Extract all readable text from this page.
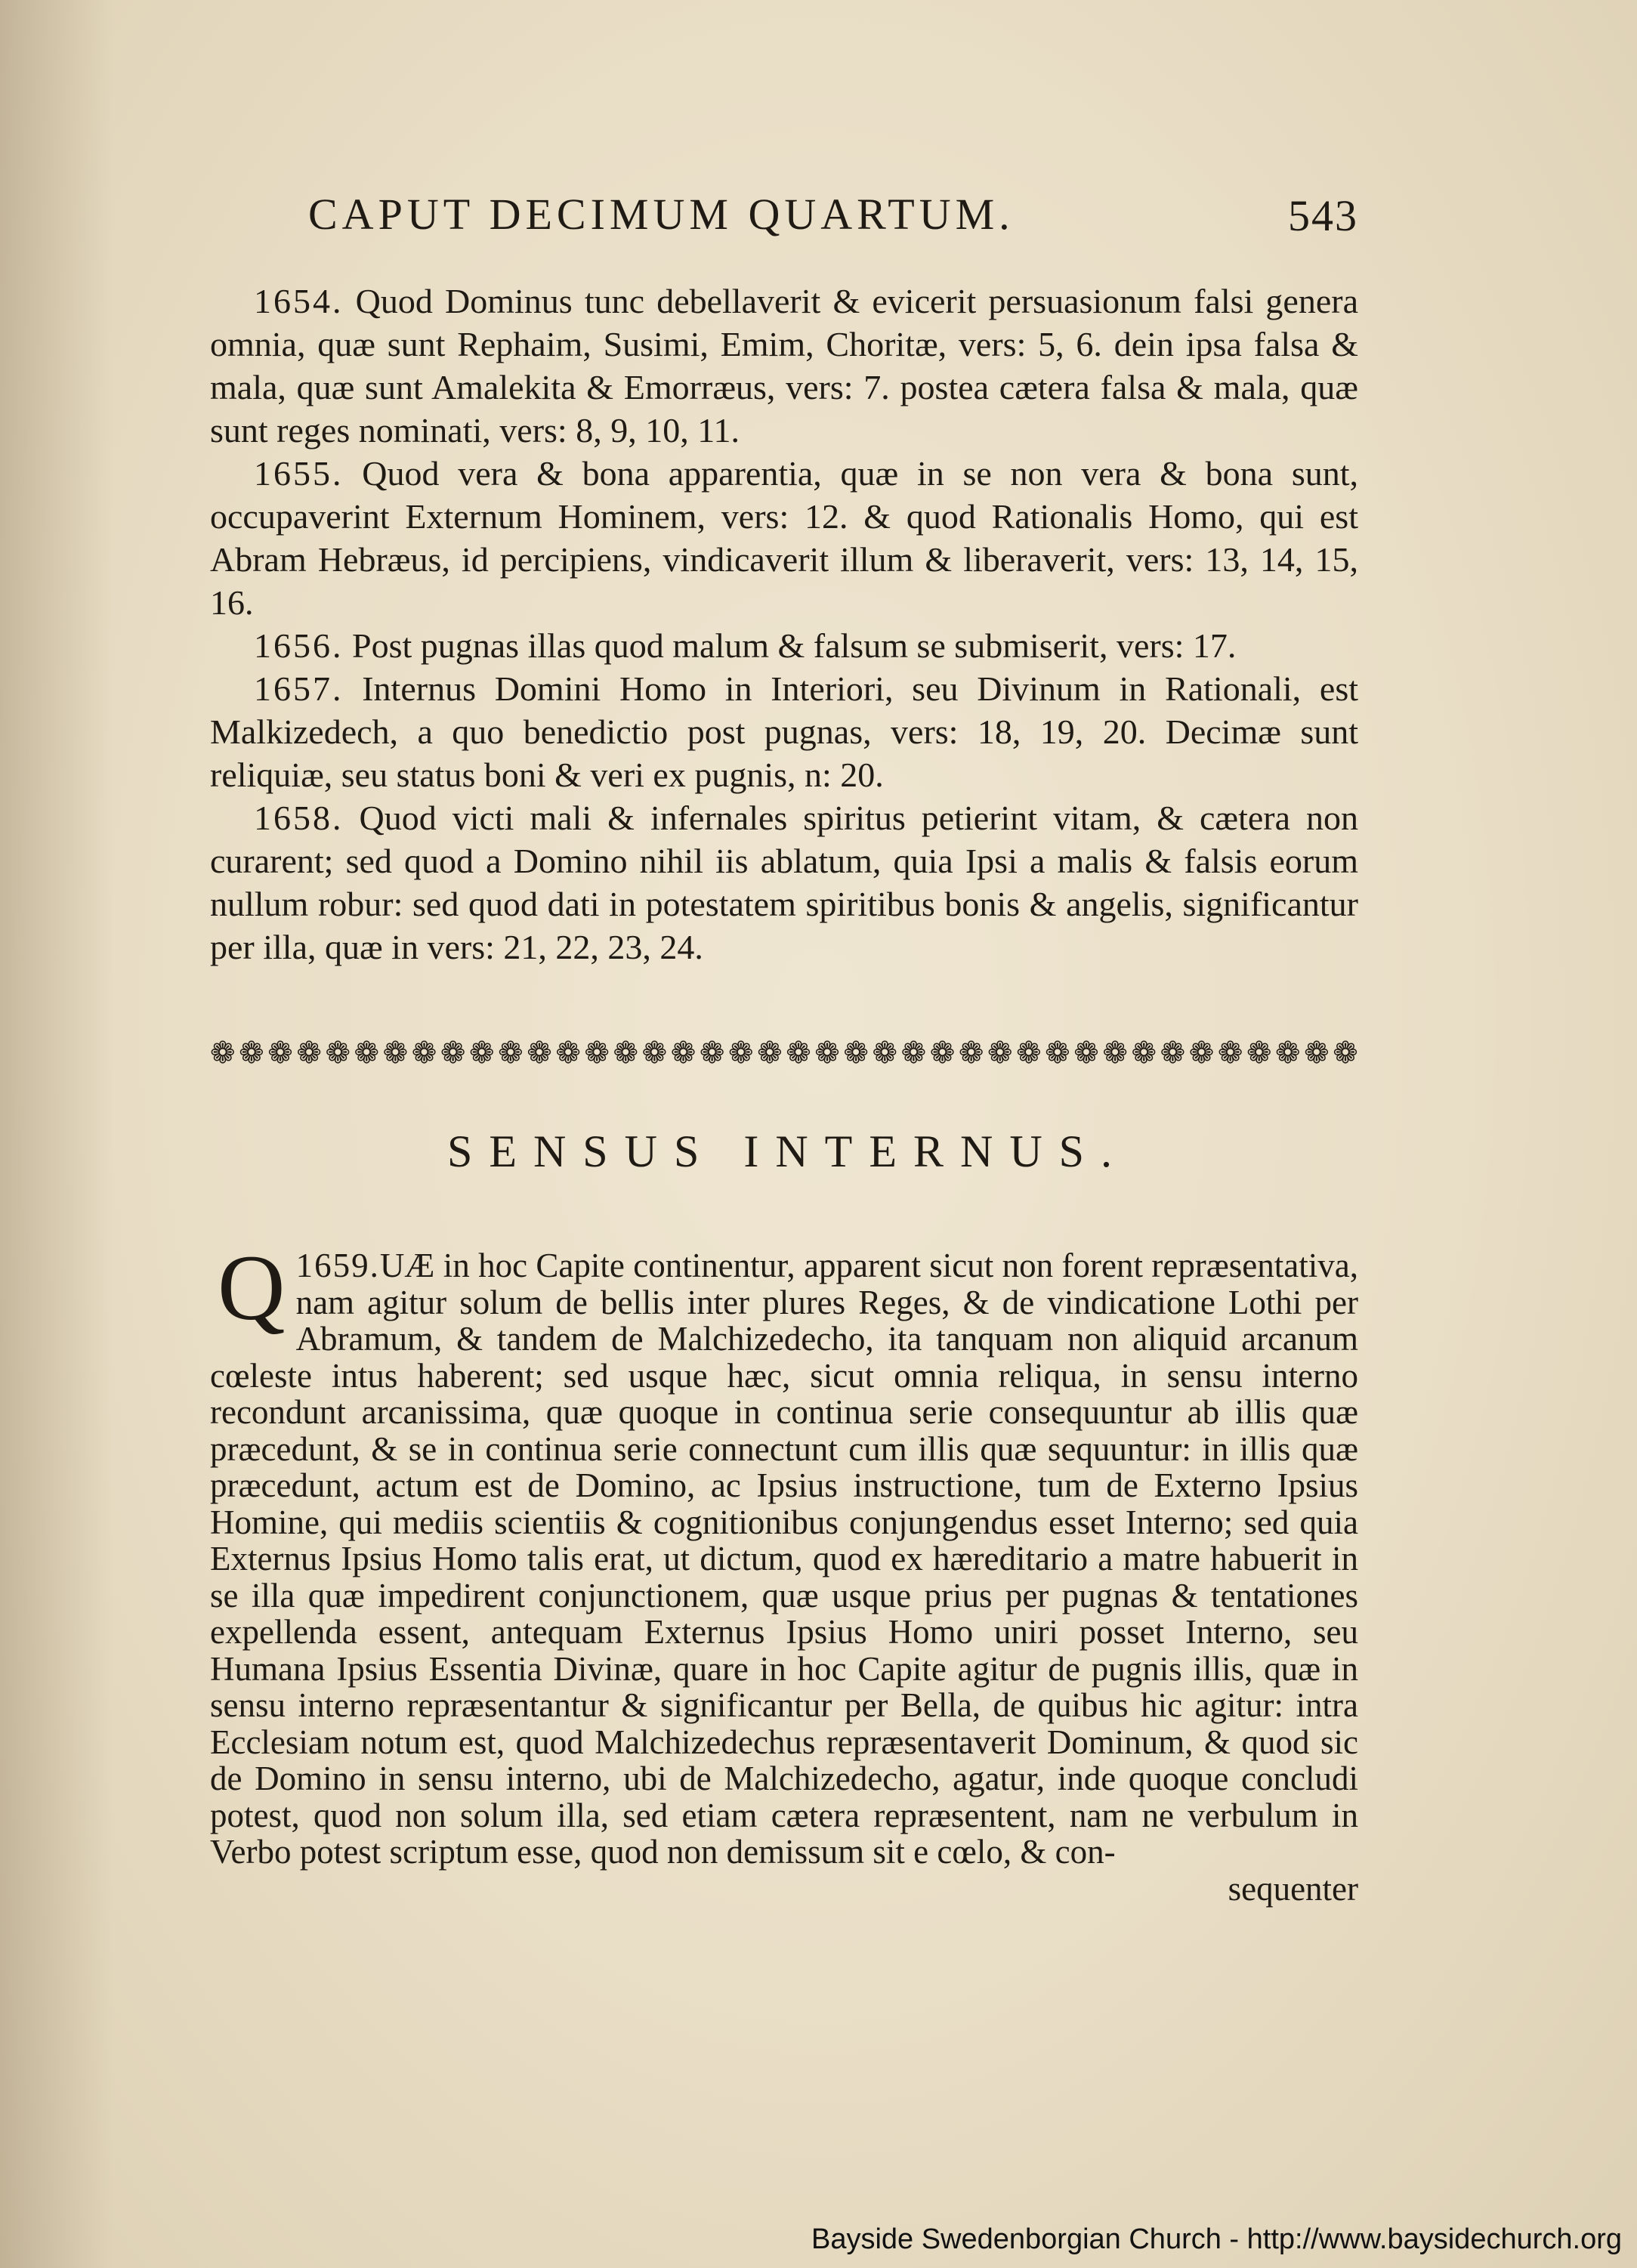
CAPUT DECIMUM QUARTUM.	543

1654. Quod Dominus tunc debellaverit & evicerit persuasionum falsi genera omnia, quæ sunt Rephaim, Susimi, Emim, Choritæ, vers: 5, 6. dein ipsa falsa & mala, quæ sunt Amalekita & Emorræus, vers: 7. postea cætera falsa & mala, quæ sunt reges nominati, vers: 8, 9, 10, 11.

1655. Quod vera & bona apparentia, quæ in se non vera & bona sunt, occupaverint Externum Hominem, vers: 12. & quod Rationalis Homo, qui est Abram Hebræus, id percipiens, vindicaverit illum & liberaverit, vers: 13, 14, 15, 16.

1656. Post pugnas illas quod malum & falsum se submiserit, vers: 17.

1657. Internus Domini Homo in Interiori, seu Divinum in Rationali, est Malkizedech, a quo benedictio post pugnas, vers: 18, 19, 20. Decimæ sunt reliquiæ, seu status boni & veri ex pugnis, n: 20.

1658. Quod victi mali & infernales spiritus petierint vitam, & cætera non curarent; sed quod a Domino nihil iis ablatum, quia Ipsi a malis & falsis eorum nullum robur: sed quod dati in potestatem spiritibus bonis & angelis, significantur per illa, quæ in vers: 21, 22, 23, 24.

❁ ❁ ❁ ❁ ❁ ❁ ❁ ❁ ❁ ❁ ❁ ❁ ❁ ❁ ❁ ❁ ❁ ❁ ❁ ❁ ❁ ❁ ❁ ❁ ❁ ❁ ❁ ❁ ❁ ❁ ❁ ❁ ❁ ❁ ❁ ❁ ❁ ❁ ❁ ❁
SENSUS INTERNUS.
1659.
Q	UÆ in hoc Capite continentur, apparent sicut non forent repræsentativa, nam agitur solum de bellis inter plures Reges, & de vindicatione Lothi per Abramum, & tandem de Malchizedecho, ita tanquam non aliquid arcanum cœleste intus haberent; sed usque hæc, sicut omnia reliqua, in sensu interno recondunt arcanissima, quæ quoque in continua serie consequuntur ab illis quæ præcedunt, & se in continua serie connectunt cum illis quæ sequuntur: in illis quæ præcedunt, actum est de Domino, ac Ipsius instructione, tum de Externo Ipsius Homine, qui mediis scientiis & cognitionibus conjungendus esset Interno; sed quia Externus Ipsius Homo talis erat, ut dictum, quod ex hæreditario a matre habuerit in se illa quæ impedirent conjunctionem, quæ usque prius per pugnas & tentationes expellenda essent, antequam Externus Ipsius Homo uniri posset Interno, seu Humana Ipsius Essentia Divinæ, quare in hoc Capite agitur de pugnis illis, quæ in sensu interno repræsentantur & significantur per Bella, de quibus hic agitur: intra Ecclesiam notum est, quod Malchizedechus repræsentaverit Dominum, & quod sic de Domino in sensu interno, ubi de Malchizedecho, agatur, inde quoque concludi potest, quod non solum illa, sed etiam cætera repræsentent, nam ne verbulum in Verbo potest scriptum esse, quod non demissum sit e cœlo, & con-
sequenter
Bayside Swedenborgian Church - http://www.baysidechurch.org
